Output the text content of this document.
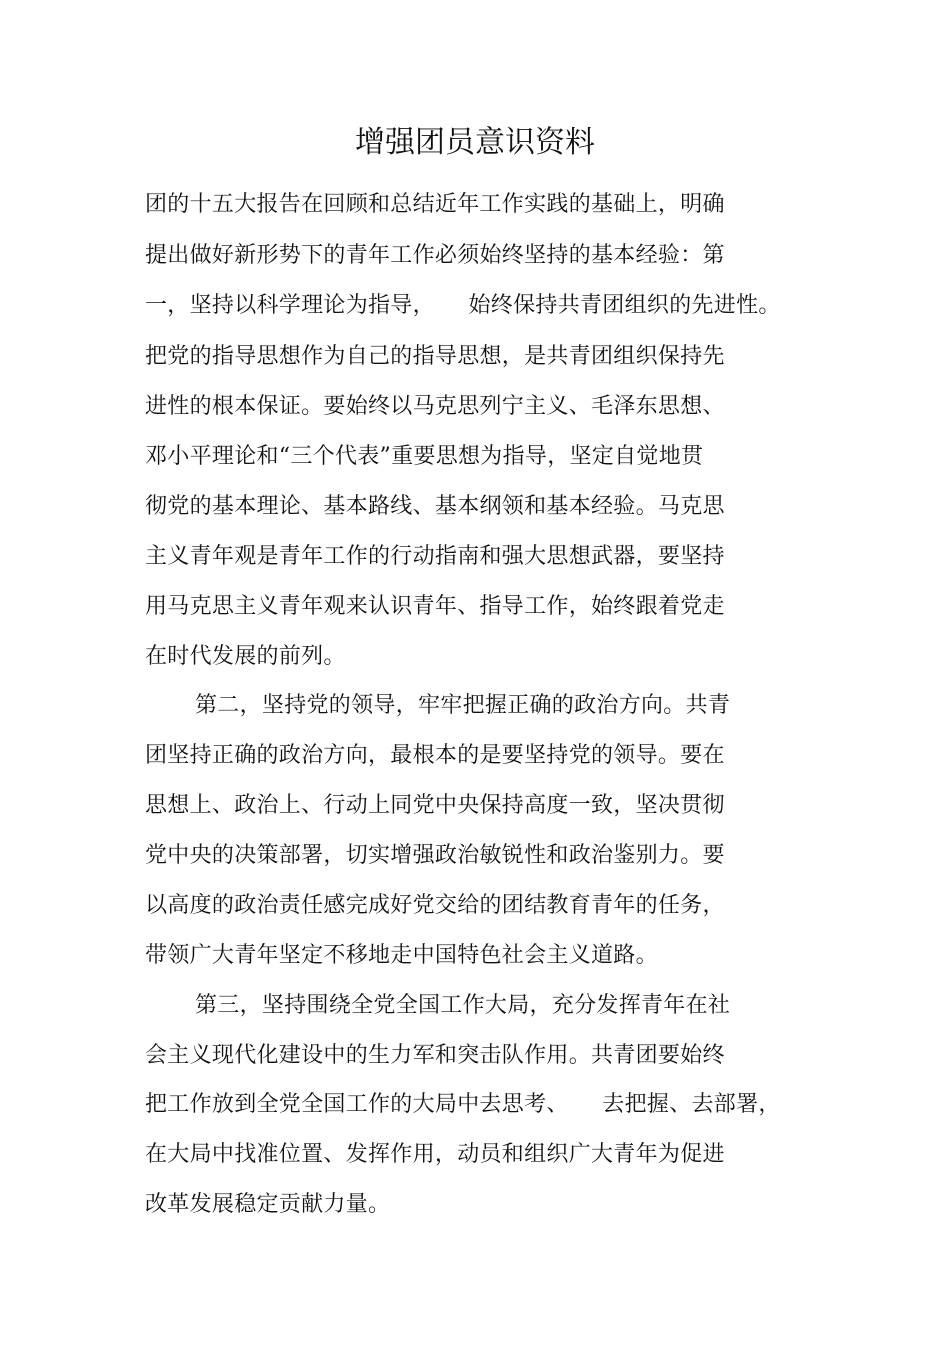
增强团员意识资料
团的十五大报告在回顾和总结近年工作实践的基础上，明确
提出做好新形势下的青年工作必须始终坚持的基本经验：第
一，坚持以科学理论为指导，　　始终保持共青团组织的先进性。
把党的指导思想作为自己的指导思想，是共青团组织保持先
进性的根本保证。要始终以马克思列宁主义、毛泽东思想、
邓小平理论和“三个代表”重要思想为指导，坚定自觉地贯
彻党的基本理论、基本路线、基本纲领和基本经验。马克思
主义青年观是青年工作的行动指南和强大思想武器，要坚持
用马克思主义青年观来认识青年、指导工作，始终跟着党走
在时代发展的前列。
第二，坚持党的领导，牢牢把握正确的政治方向。共青
团坚持正确的政治方向，最根本的是要坚持党的领导。要在
思想上、政治上、行动上同党中央保持高度一致，坚决贯彻
党中央的决策部署，切实增强政治敏锐性和政治鉴别力。要
以高度的政治责任感完成好党交给的团结教育青年的任务，
带领广大青年坚定不移地走中国特色社会主义道路。
第三，坚持围绕全党全国工作大局，充分发挥青年在社
会主义现代化建设中的生力军和突击队作用。共青团要始终
把工作放到全党全国工作的大局中去思考、　　去把握、去部署，
在大局中找准位置、发挥作用，动员和组织广大青年为促进
改革发展稳定贡献力量。
